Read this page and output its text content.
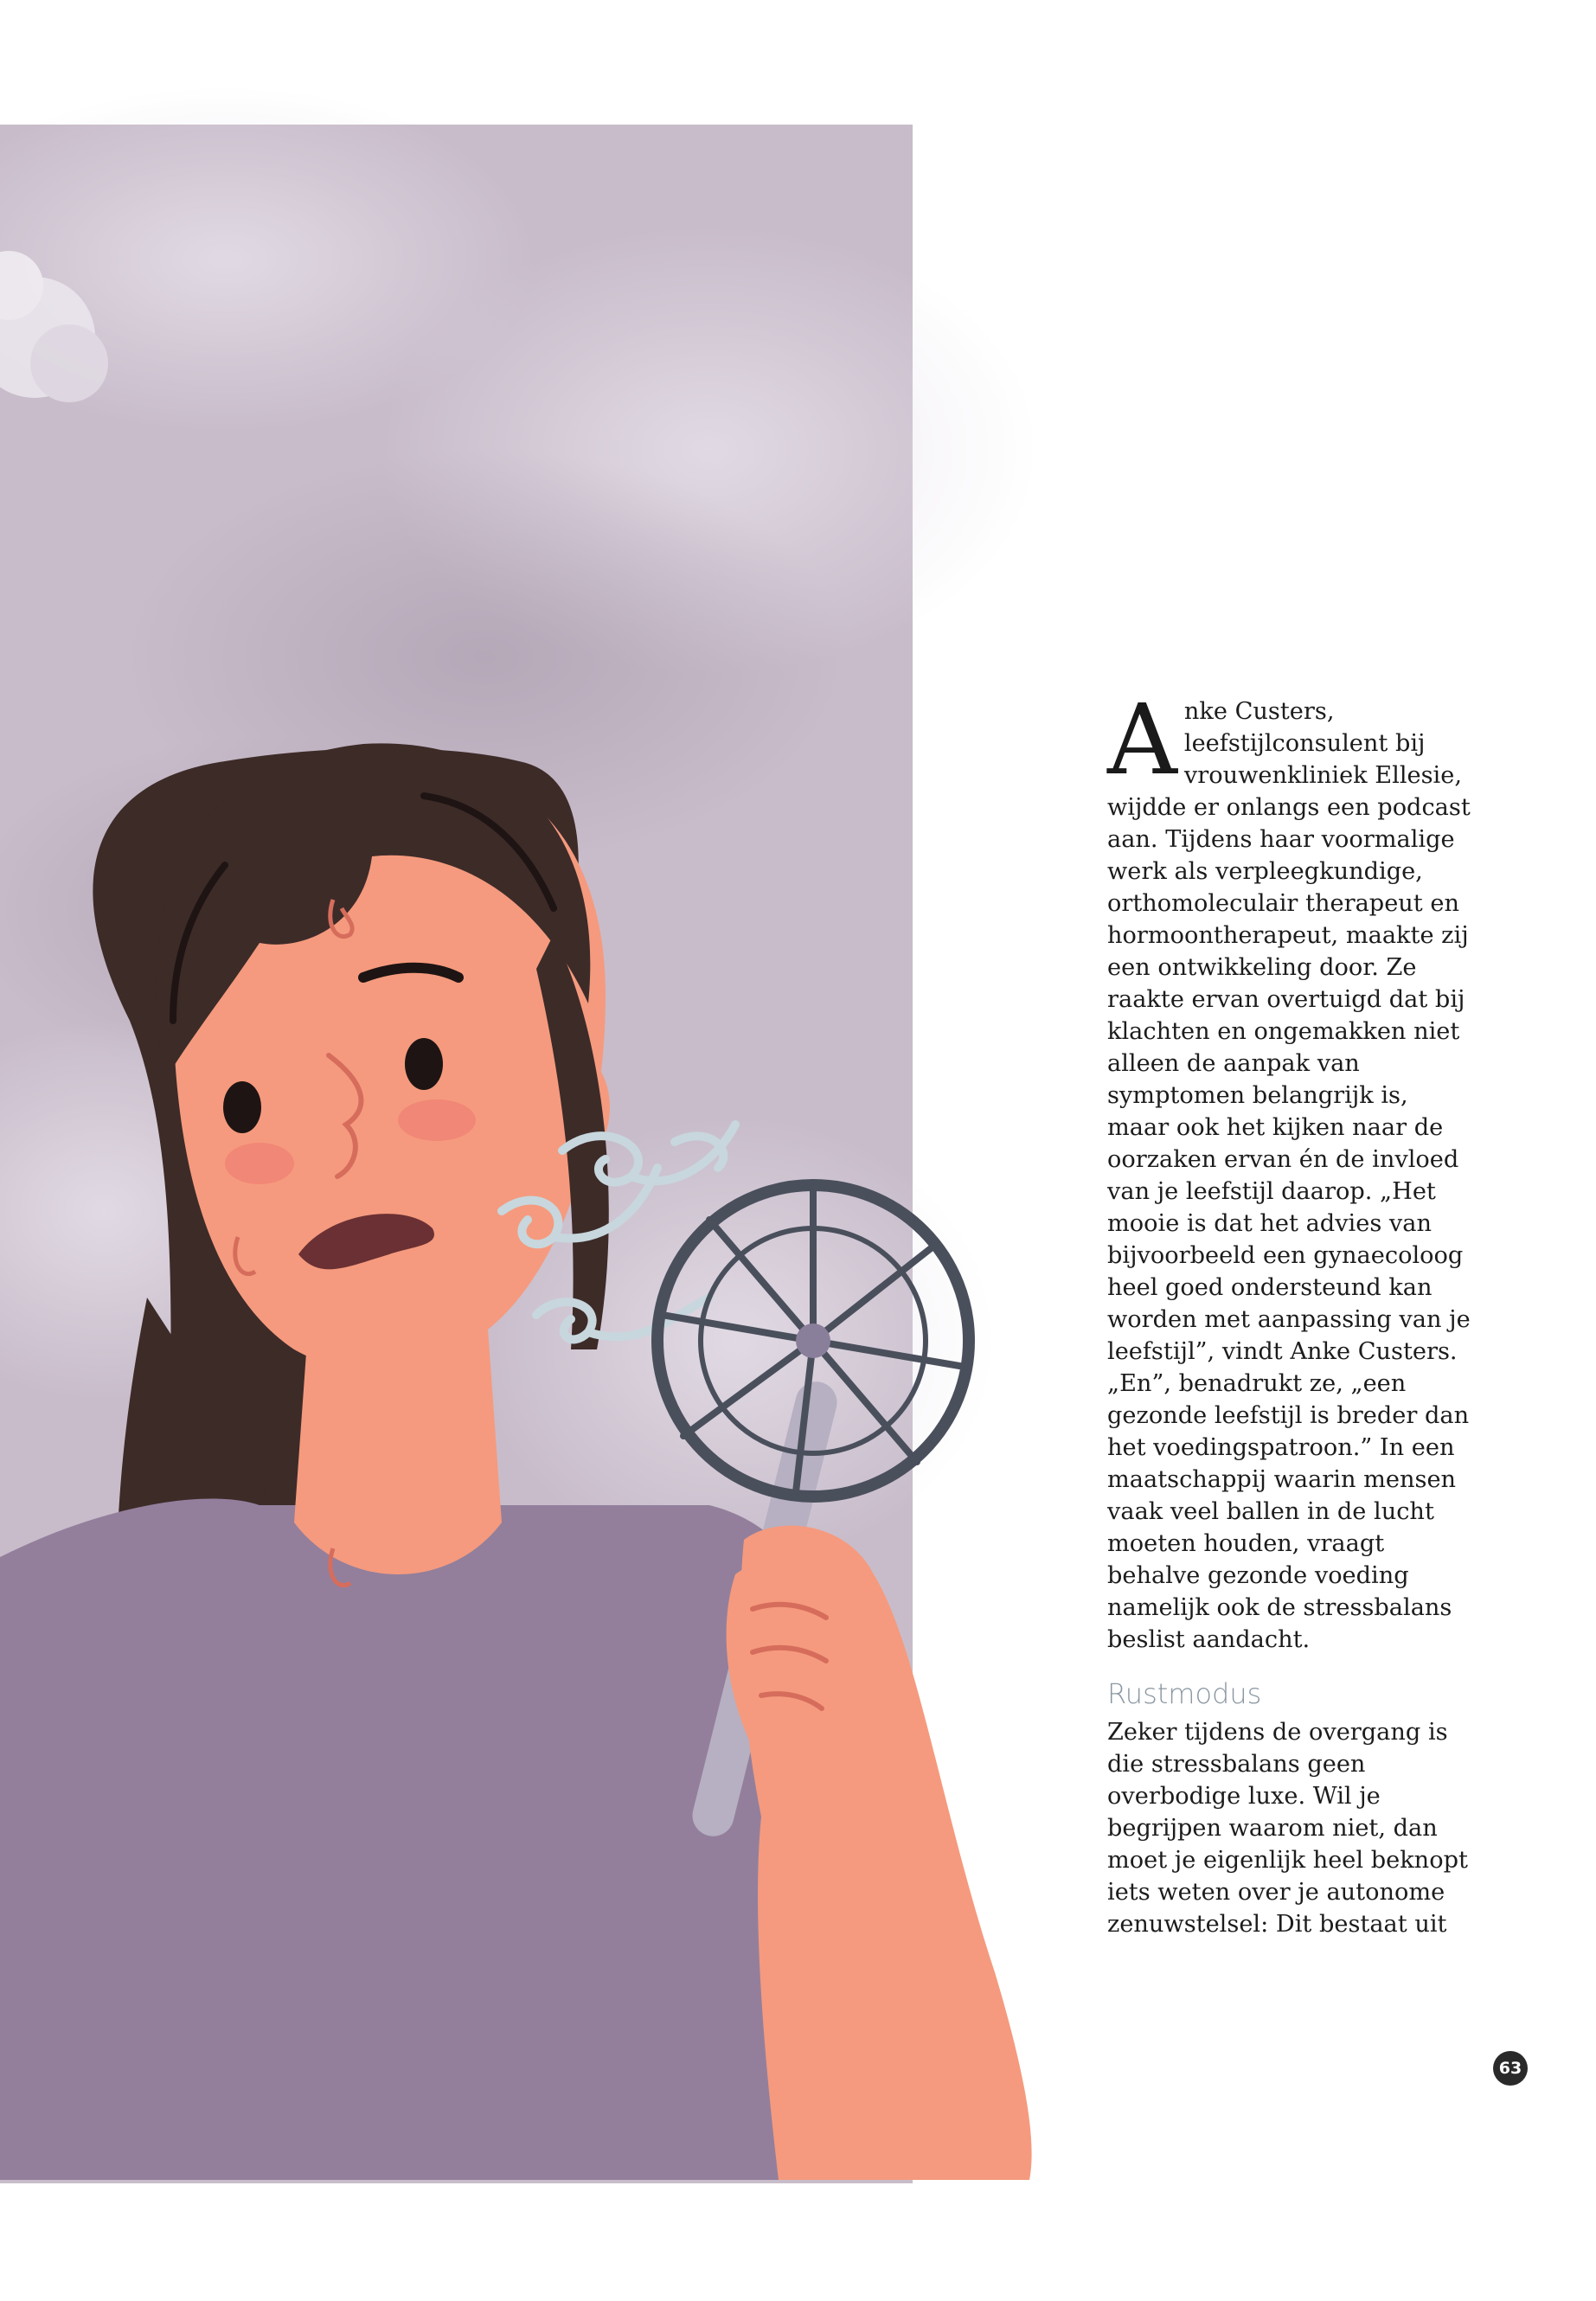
Anke Custers, leefstijlconsulent bij vrouwenkliniek Ellesie, wijdde er onlangs een podcast aan. Tijdens haar voormalige werk als verpleegkundige, orthomoleculair therapeut en hormoontherapeut, maakte zij een ontwikkeling door. Ze raakte ervan overtuigd dat bij klachten en ongemakken niet alleen de aanpak van symptomen belangrijk is, maar ook het kijken naar de oorzaken ervan én de invloed van je leefstijl daarop. „Het mooie is dat het advies van bijvoorbeeld een gynaecoloog heel goed ondersteund kan worden met aanpassing van je leefstijl”, vindt Anke Custers. „En”, benadrukt ze, „een gezonde leefstijl is breder dan het voedingspatroon.” In een maatschappij waarin mensen vaak veel ballen in de lucht moeten houden, vraagt behalve gezonde voeding namelijk ook de stressbalans beslist aandacht.

Rustmodus

Zeker tijdens de overgang is die stressbalans geen overbodige luxe. Wil je begrijpen waarom niet, dan moet je eigenlijk heel beknopt iets weten over je autonome zenuwstelsel: Dit bestaat uit

63
